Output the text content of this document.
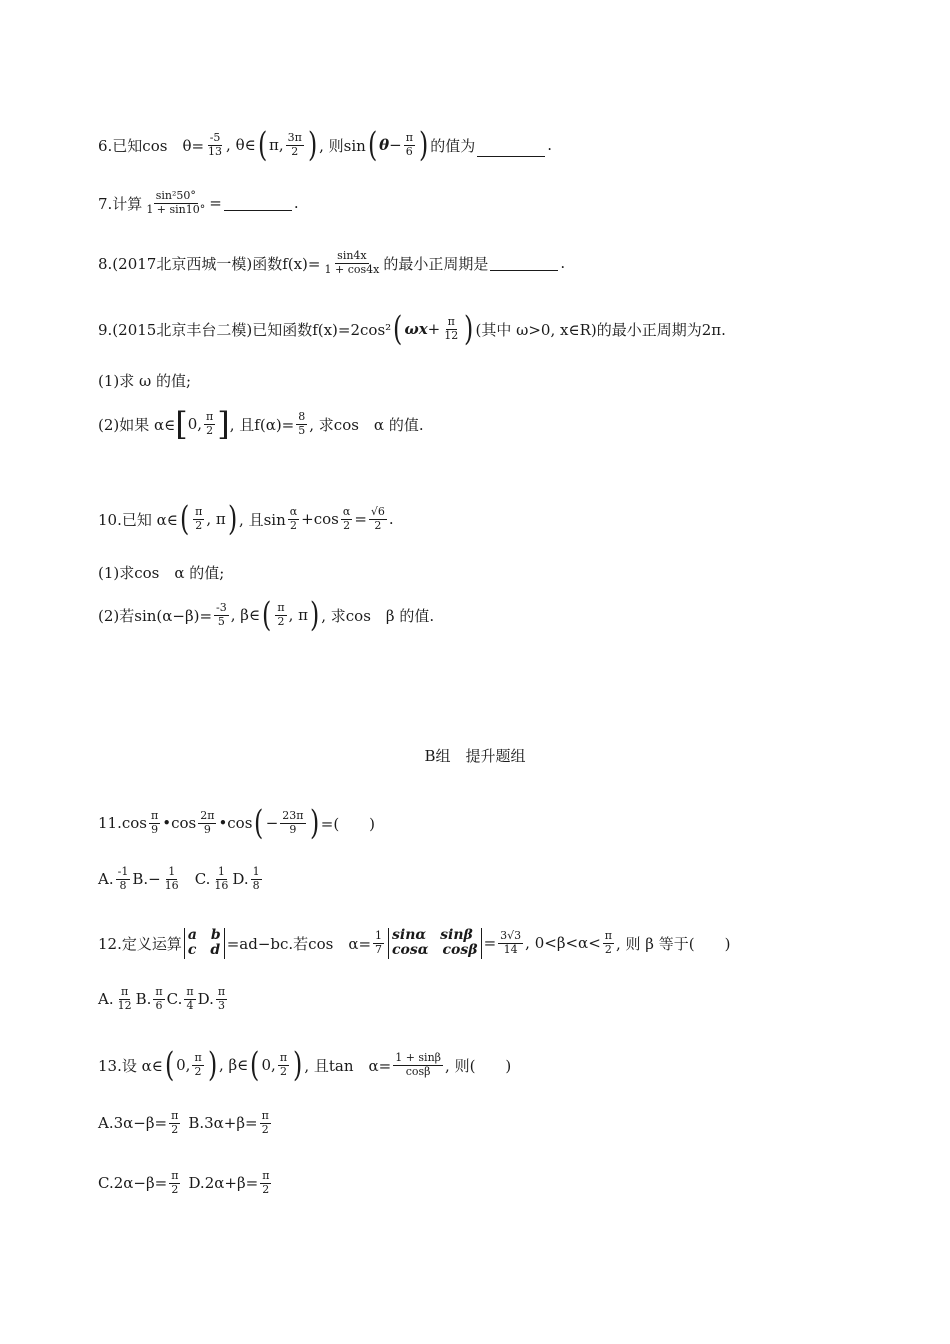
6.已知cos　$\theta= \frac{-5}{13}$ , θ∈ ( π , $\frac{3\pi}{2}$ ) , 则sin ( $\theta - \frac{\pi}{6}$ ) 的值为	.
7.计算 $\frac{\text{sin²50°}}{1 + \sin 10^\circ}$ =	.
8.(2017北京西城一模)函数$f(x)= \frac{\sin 4x}{1 + \cos 4x}$ 的最小正周期是	.
9.(2015北京丰台二模)已知函数f(x)=2cos² ( $\omega x + \frac{\pi}{12}$ ) (其中 ω>0, x∈R)的最小正周期为2π.
(1)求 ω 的值;
(2)如果 α∈ [ 0, $\frac{\pi}{2}$ ] , 且$f(\alpha)= \frac{8}{5}$ , 求cos　α 的值.
10.已知 α∈ ( $\frac{\pi}{2}$ , π ) , 且$\sin \frac{\alpha}{2} +\cos \frac{\alpha}{2} = \frac{√6}{2}$ .
(1)求cos　α 的值;
(2)若$\sin(\alpha-\beta)= \frac{-3}{5}$ , β∈ ( $\frac{\pi}{2}$ , π ) , 求cos　β 的值.
B组　提升题组
$11.\cos \frac{\pi}{9}$ •cos $\frac{2\pi}{9}$ •cos ( − $\frac{23\pi}{9}$ ) =(　　)
A. $\frac{-1}{8} B.- \frac{1}{16} C$. $\frac{1}{16} D$. $\frac{1}{8}$
12.定义运算 a　b
c　d =ad−bc.若cos　$\alpha= \frac{1}{7}$ sinα　sinβ
cosα　$\cos\beta = \frac{3√3}{14}$ , $0<\beta<\alpha< \frac{\pi}{2}$ , 则 β 等于(　　)
A. $\frac{\pi}{12} B$. $\frac{\pi}{6} C$. $\frac{\pi}{4} D$. $\frac{\pi}{3}$
13.设 α∈ ( 0, $\frac{\pi}{2}$ ) , β∈ ( 0, $\frac{\pi}{2}$ ) , 且tan　$\alpha= \frac{1 + \sin\beta}{\cos\beta}$ , 则(　　)
$A.3\alpha-\beta= \frac{\pi}{2} B.3\alpha+\beta= \frac{\pi}{2}$
$C.2\alpha-\beta= \frac{\pi}{2} D.2\alpha+\beta= \frac{\pi}{2}$
